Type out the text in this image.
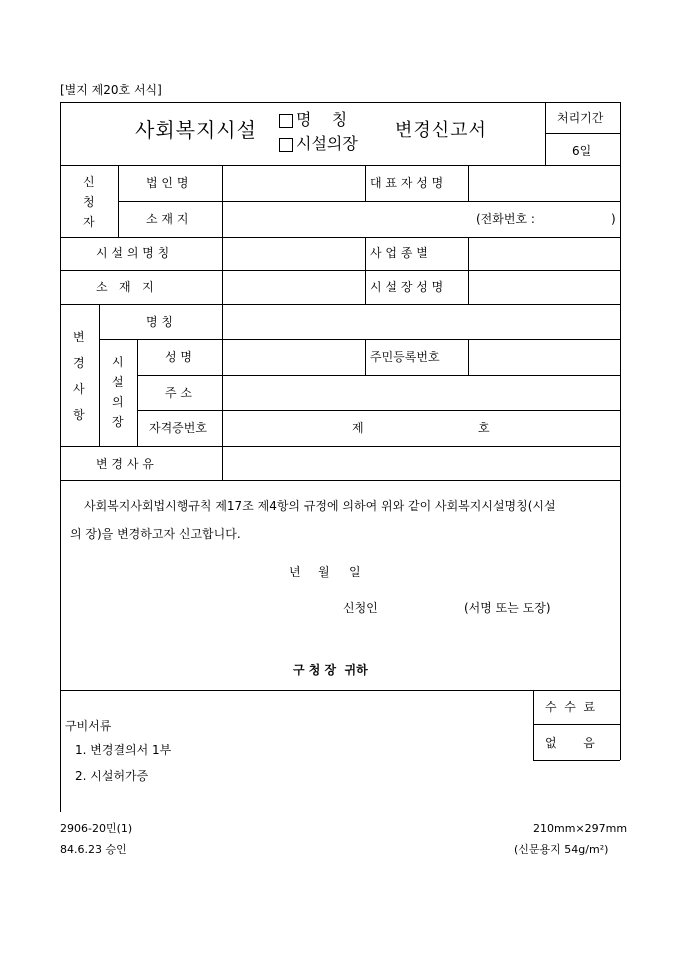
[별지 제20호 서식]
사회복지시설 명    칭
시설의장
변경신고서
처리기간
6일
신
청
자
법 인 명	대 표 자 성 명
소 재 지	(전화번호 :	)
시 설 의 명 칭	사 업 종 별
소   재   지	시 설 장 성 명
변
경
사
항
명 칭
시
설
의
장
성 명	주민등록번호
주 소
자격증번호	제	호
변 경 사 유
사회복지사회법시행규칙 제17조 제4항의 규정에 의하여 위와 같이 사회복지시설명칭(시설
의 장)을 변경하고자 신고합니다.
년 월 일
신청인	(서명 또는 도장)
구 청 장  귀하
구비서류
1. 변경결의서 1부
2. 시설허가증
수  수  료
없       음
2906-20민(1)
84.6.23 승인
210mm×297mm
(신문용지 54g/m²)
